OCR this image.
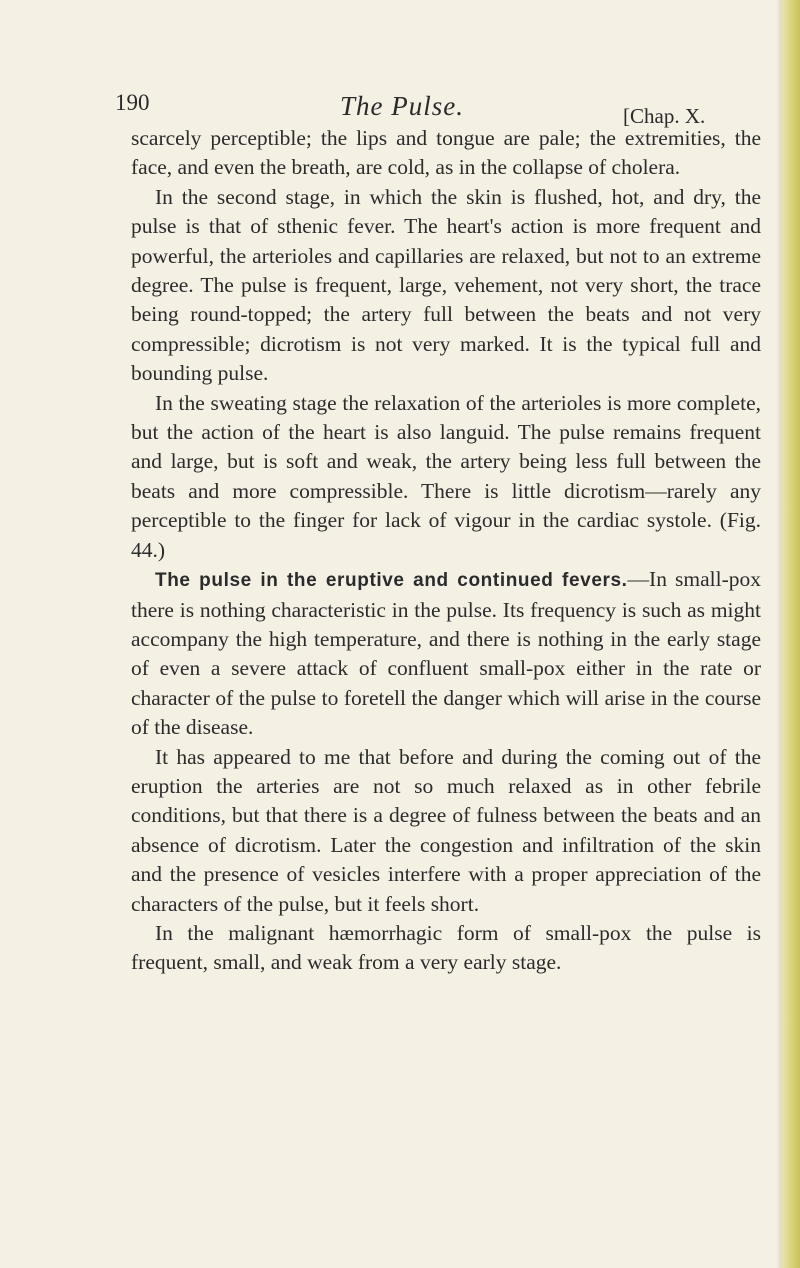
190	The Pulse.	[Chap. X.

scarcely perceptible; the lips and tongue are pale; the extremities, the face, and even the breath, are cold, as in the collapse of cholera.

In the second stage, in which the skin is flushed, hot, and dry, the pulse is that of sthenic fever. The heart's action is more frequent and powerful, the arterioles and capillaries are relaxed, but not to an extreme degree. The pulse is frequent, large, vehement, not very short, the trace being round-topped; the artery full between the beats and not very compressible; dicrotism is not very marked. It is the typical full and bounding pulse.

In the sweating stage the relaxation of the arterioles is more complete, but the action of the heart is also languid. The pulse remains frequent and large, but is soft and weak, the artery being less full between the beats and more compressible. There is little dicrotism—rarely any perceptible to the finger for lack of vigour in the cardiac systole. (Fig. 44.)

The pulse in the eruptive and continued fevers.—In small-pox there is nothing characteristic in the pulse. Its frequency is such as might accompany the high temperature, and there is nothing in the early stage of even a severe attack of confluent small-pox either in the rate or character of the pulse to foretell the danger which will arise in the course of the disease.

It has appeared to me that before and during the coming out of the eruption the arteries are not so much relaxed as in other febrile conditions, but that there is a degree of fulness between the beats and an absence of dicrotism. Later the congestion and infiltration of the skin and the presence of vesicles interfere with a proper appreciation of the characters of the pulse, but it feels short.

In the malignant hæmorrhagic form of small-pox the pulse is frequent, small, and weak from a very early stage.
